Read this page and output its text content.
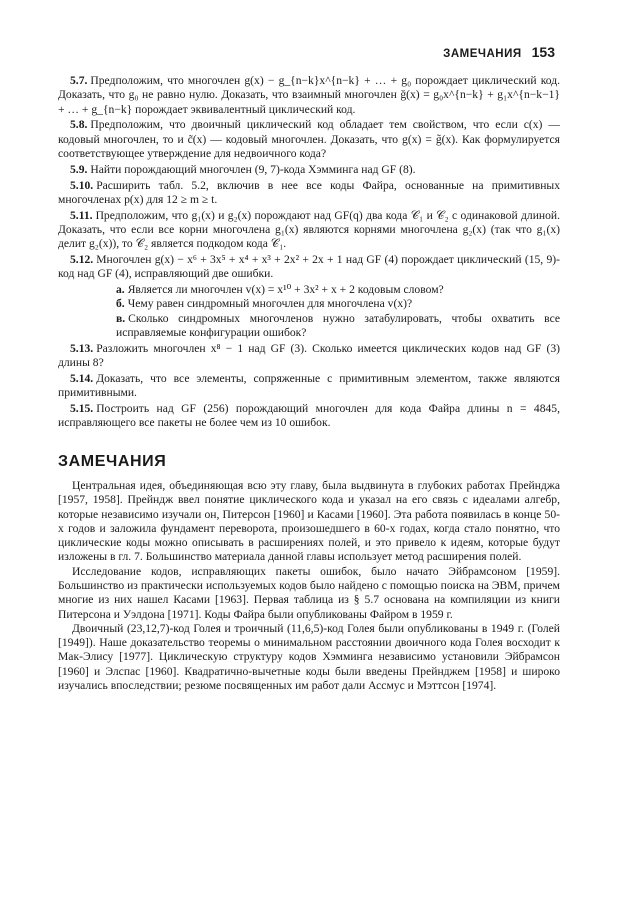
ЗАМЕЧАНИЯ 153

5.7. Предположим, что многочлен g(x) − g_{n−k}x^{n−k} + … + g₀ порождает циклический код. Доказать, что g₀ не равно нулю. Доказать, что взаимный многочлен ğ(x) = g₀x^{n−k} + g₁x^{n−k−1} + … + g_{n−k} порождает эквивалентный циклический код.

5.8. Предположим, что двоичный циклический код обладает тем свойством, что если c(x) — кодовый многочлен, то и c̃(x) — кодовый многочлен. Доказать, что g(x) = g̃(x). Как формулируется соответствующее утверждение для недвоичного кода?

5.9. Найти порождающий многочлен (9, 7)-кода Хэмминга над GF (8).

5.10. Расширить табл. 5.2, включив в нее все коды Файра, основанные на примитивных многочленах p(x) для 12 ≥ m ≥ t.

5.11. Предположим, что g₁(x) и g₂(x) порождают над GF(q) два кода 𝒞₁ и 𝒞₂ с одинаковой длиной. Доказать, что если все корни многочлена g₁(x) являются корнями многочлена g₂(x) (так что g₁(x) делит g₂(x)), то 𝒞₂ является подкодом кода 𝒞₁.

5.12. Многочлен g(x) − x⁶ + 3x⁵ + x⁴ + x³ + 2x² + 2x + 1 над GF (4) порождает циклический (15, 9)-код над GF (4), исправляющий две ошибки.

а. Является ли многочлен v(x) = x¹⁰ + 3x² + x + 2 кодовым словом?

б. Чему равен синдромный многочлен для многочлена v(x)?

в. Сколько синдромных многочленов нужно затабулировать, чтобы охватить все исправляемые конфигурации ошибок?

5.13. Разложить многочлен x⁸ − 1 над GF (3). Сколько имеется циклических кодов над GF (3) длины 8?

5.14. Доказать, что все элементы, сопряженные с примитивным элементом, также являются примитивными.

5.15. Построить над GF (256) порождающий многочлен для кода Файра длины n = 4845, исправляющего все пакеты не более чем из 10 ошибок.

ЗАМЕЧАНИЯ

Центральная идея, объединяющая всю эту главу, была выдвинута в глубоких работах Прейнджа [1957, 1958]. Прейндж ввел понятие циклического кода и указал на его связь с идеалами алгебр, которые независимо изучали он, Питерсон [1960] и Касами [1960]. Эта работа появилась в конце 50-х годов и заложила фундамент переворота, произошедшего в 60-х годах, когда стало понятно, что циклические коды можно описывать в расширениях полей, и это привело к идеям, которые будут изложены в гл. 7. Большинство материала данной главы использует метод расширения полей.

Исследование кодов, исправляющих пакеты ошибок, было начато Эйбрамсоном [1959]. Большинство из практически используемых кодов было найдено с помощью поиска на ЭВМ, причем многие из них нашел Касами [1963]. Первая таблица из § 5.7 основана на компиляции из книги Питерсона и Уэлдона [1971]. Коды Файра были опубликованы Файром в 1959 г.

Двоичный (23,12,7)-код Голея и троичный (11,6,5)-код Голея были опубликованы в 1949 г. (Голей [1949]). Наше доказательство теоремы о минимальном расстоянии двоичного кода Голея восходит к Мак-Элису [1977]. Циклическую структуру кодов Хэмминга независимо установили Эйбрамсон [1960] и Элспас [1960]. Квадратично-вычетные коды были введены Прейнджем [1958] и широко изучались впоследствии; резюме посвященных им работ дали Ассмус и Мэттсон [1974].
